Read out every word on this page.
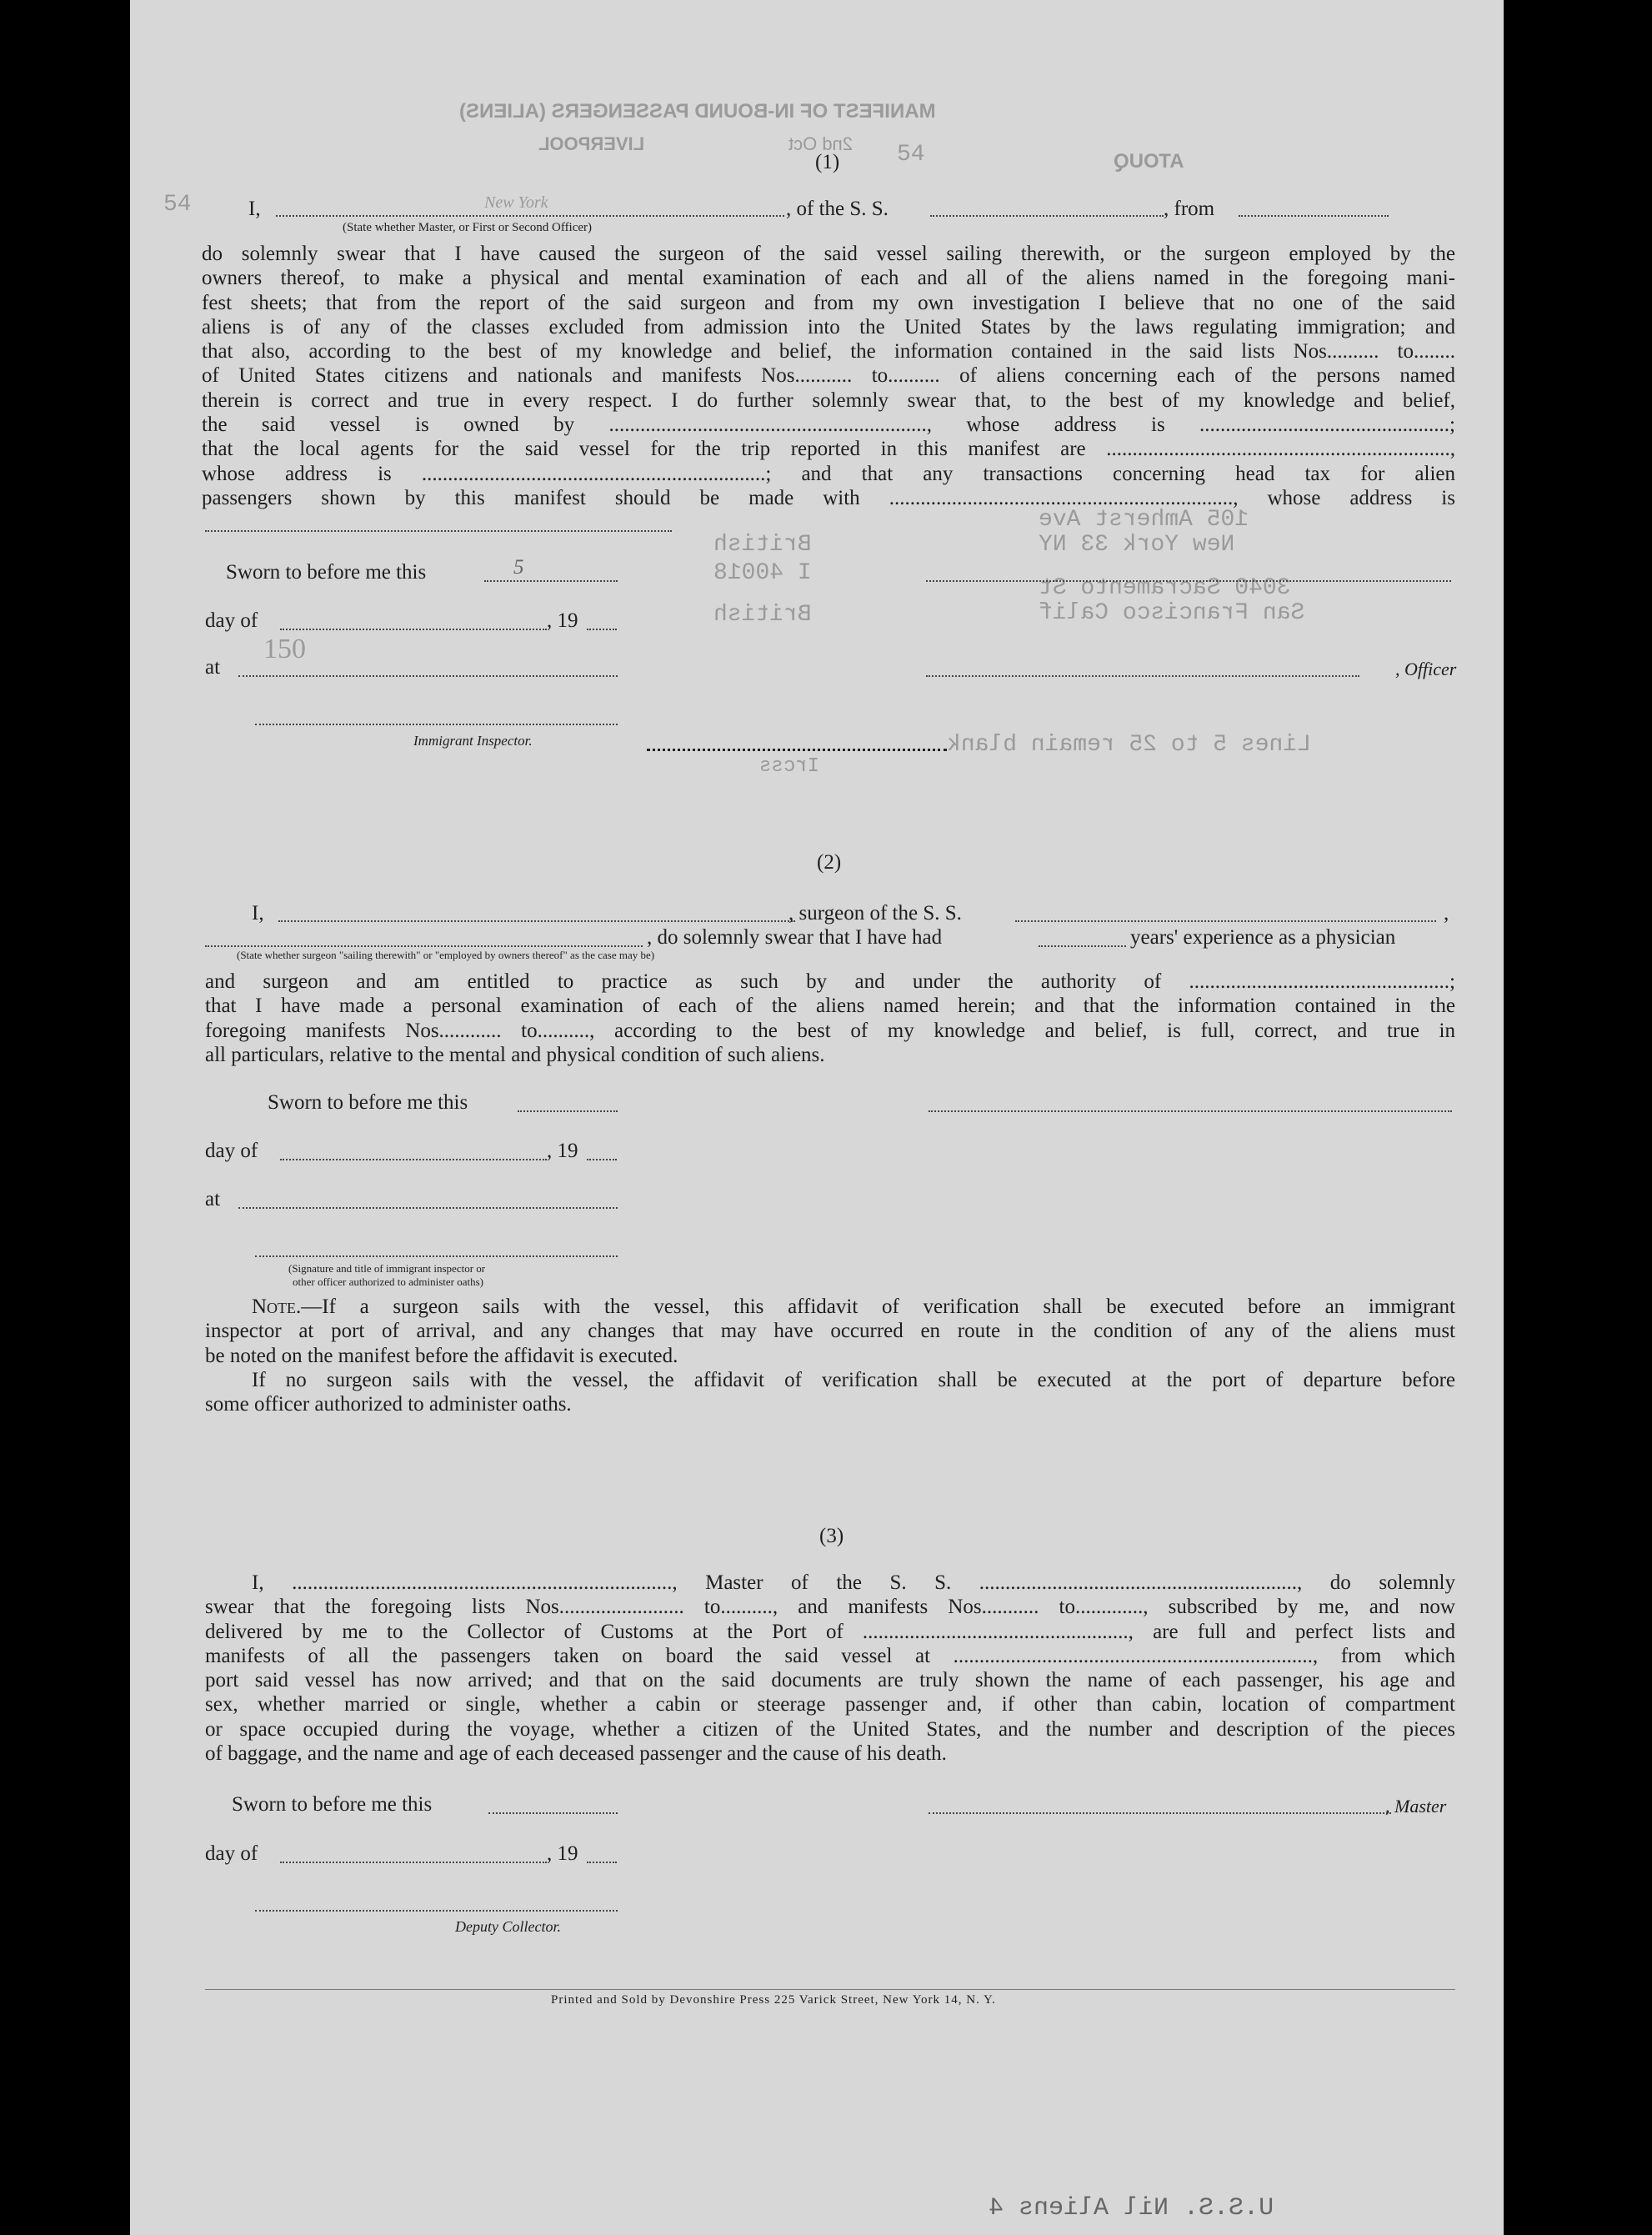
MANIFEST OF IN-BOUND PASSENGERS (ALIENS)
LIVERPOOL	2nd Oct
ATOUQ
54
54
(1)
I,	New York	, of the S. S.	, from
(State whether Master, or First or Second Officer)
do solemnly swear that I have caused the surgeon of the said vessel sailing therewith, or the surgeon employed by the
owners thereof, to make a physical and mental examination of each and all of the aliens named in the foregoing mani-
fest sheets; that from the report of the said surgeon and from my own investigation I believe that no one of the said
aliens is of any of the classes excluded from admission into the United States by the laws regulating immigration; and
that also, according to the best of my knowledge and belief, the information contained in the said lists Nos.......... to........
of United States citizens and nationals and manifests Nos........... to.......... of aliens concerning each of the persons named
therein is correct and true in every respect. I do further solemnly swear that, to the best of my knowledge and belief,
the said vessel is owned by ............................................................., whose address is ................................................;
that the local agents for the said vessel for the trip reported in this manifest are ..................................................................,
whose address is ..................................................................; and that any transactions concerning head tax for alien
passengers shown by this manifest should be made with .................................................................., whose address is
105 Amherst Ave
New York 33 NY
3040 Sacramento St
San Francisco Calif
British
I 40018
British
Lines 5 to 25 remain blank
Ircss
Sworn to before me this	5
day of	, 19
at
150
, Officer
Immigrant Inspector.
(2)
I,	, surgeon of the S. S.	,
, do solemnly swear that I have had	years' experience as a physician
(State whether surgeon "sailing therewith" or "employed by owners thereof" as the case may be)
and surgeon and am entitled to practice as such by and under the authority of ..................................................;
that I have made a personal examination of each of the aliens named herein; and that the information contained in the
foregoing manifests Nos............ to.........., according to the best of my knowledge and belief, is full, correct, and true in
all particulars, relative to the mental and physical condition of such aliens.
Sworn to before me this
day of	, 19
at
(Signature and title of immigrant inspector or
other officer authorized to administer oaths)
Note.—If a surgeon sails with the vessel, this affidavit of verification shall be executed before an immigrant
inspector at port of arrival, and any changes that may have occurred en route in the condition of any of the aliens must
be noted on the manifest before the affidavit is executed.
If no surgeon sails with the vessel, the affidavit of verification shall be executed at the port of departure before
some officer authorized to administer oaths.
(3)
I, ........................................................................., Master of the S. S. ............................................................., do solemnly
swear that the foregoing lists Nos........................ to.........., and manifests Nos........... to............., subscribed by me, and now
delivered by me to the Collector of Customs at the Port of ..................................................., are full and perfect lists and
manifests of all the passengers taken on board the said vessel at ....................................................................., from which
port said vessel has now arrived; and that on the said documents are truly shown the name of each passenger, his age and
sex, whether married or single, whether a cabin or steerage passenger and, if other than cabin, location of compartment
or space occupied during the voyage, whether a citizen of the United States, and the number and description of the pieces
of baggage, and the name and age of each deceased passenger and the cause of his death.
Sworn to before me this	, Master
day of	, 19
Deputy Collector.
Printed and Sold by Devonshire Press 225 Varick Street, New York 14, N. Y.
U.S.S. Nil Aliens 4
